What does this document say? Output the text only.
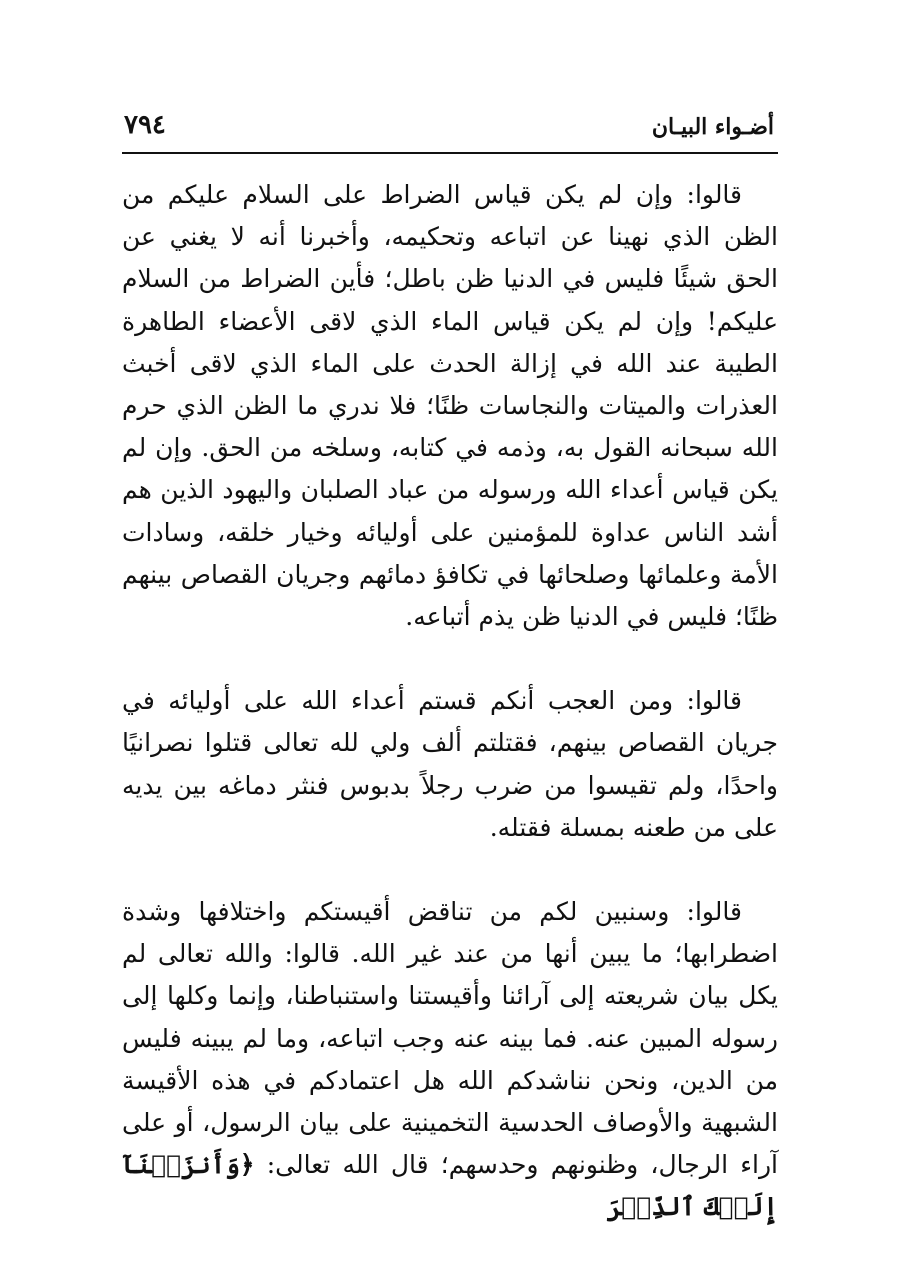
أضـواء البيـان
٧٩٤

قالوا: وإن لم يكن قياس الضراط على السلام عليكم من الظن الذي نهينا عن اتباعه وتحكيمه، وأخبرنا أنه لا يغني عن الحق شيئًا فليس في الدنيا ظن باطل؛ فأين الضراط من السلام عليكم! وإن لم يكن قياس الماء الذي لاقى الأعضاء الطاهرة الطيبة عند الله في إزالة الحدث على الماء الذي لاقى أخبث العذرات والميتات والنجاسات ظنًا؛ فلا ندري ما الظن الذي حرم الله سبحانه القول به، وذمه في كتابه، وسلخه من الحق. وإن لم يكن قياس أعداء الله ورسوله من عباد الصلبان واليهود الذين هم أشد الناس عداوة للمؤمنين على أوليائه وخيار خلقه، وسادات الأمة وعلمائها وصلحائها في تكافؤ دمائهم وجريان القصاص بينهم ظنًا؛ فليس في الدنيا ظن يذم أتباعه.

قالوا: ومن العجب أنكم قستم أعداء الله على أوليائه في جريان القصاص بينهم، فقتلتم ألف ولي لله تعالى قتلوا نصرانيًا واحدًا، ولم تقيسوا من ضرب رجلاً بدبوس فنثر دماغه بين يديه على من طعنه بمسلة فقتله.

قالوا: وسنبين لكم من تناقض أقيستكم واختلافها وشدة اضطرابها؛ ما يبين أنها من عند غير الله. قالوا: والله تعالى لم يكل بيان شريعته إلى آرائنا وأقيستنا واستنباطنا، وإنما وكلها إلى رسوله المبين عنه. فما بينه عنه وجب اتباعه، وما لم يبينه فليس من الدين، ونحن نناشدكم الله هل اعتمادكم في هذه الأقيسة الشبهية والأوصاف الحدسية التخمينية على بيان الرسول، أو على آراء الرجال، وظنونهم وحدسهم؛ قال الله تعالى: ﴿وَأَنزَلۡنَآ إِلَيۡكَ ٱلذِّكۡرَ
